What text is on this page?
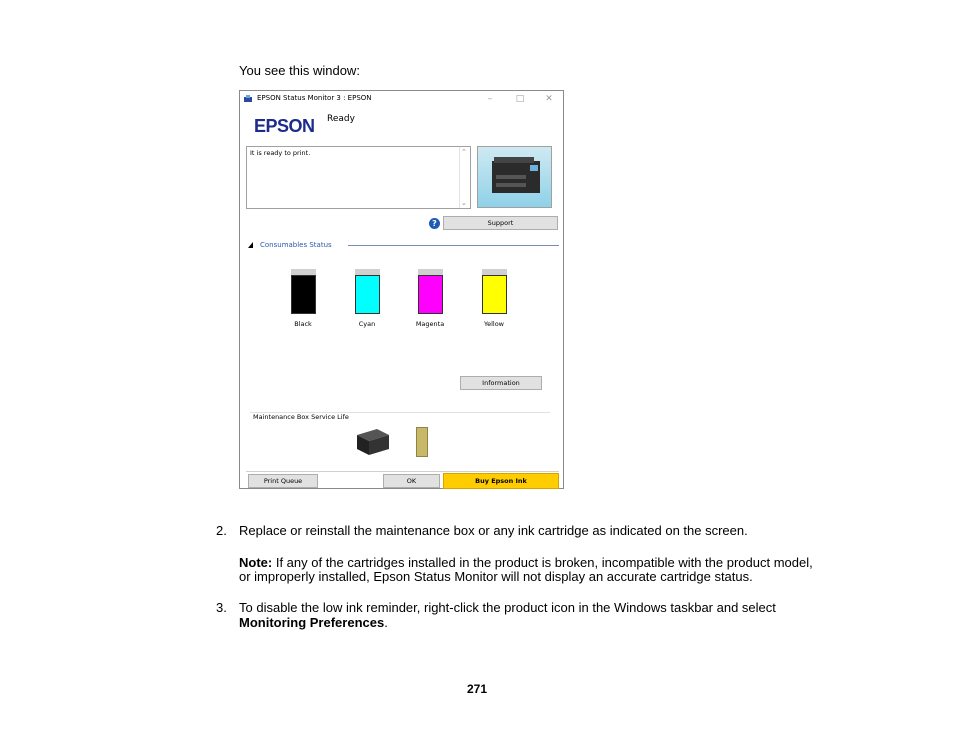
You see this window:
EPSON Status Monitor 3 : EPSON	–	□	✕
EPSON Ready
It is ready to print.	⌃
⌄
?	Support
Consumables Status
Black	Cyan	Magenta	Yellow
Information
Maintenance Box Service Life
Print Queue	OK	Buy Epson Ink
2. Replace or reinstall the maintenance box or any ink cartridge as indicated on the screen.
Note: If any of the cartridges installed in the product is broken, incompatible with the product model,
or improperly installed, Epson Status Monitor will not display an accurate cartridge status.
3. To disable the low ink reminder, right-click the product icon in the Windows taskbar and select
Monitoring Preferences.
271
